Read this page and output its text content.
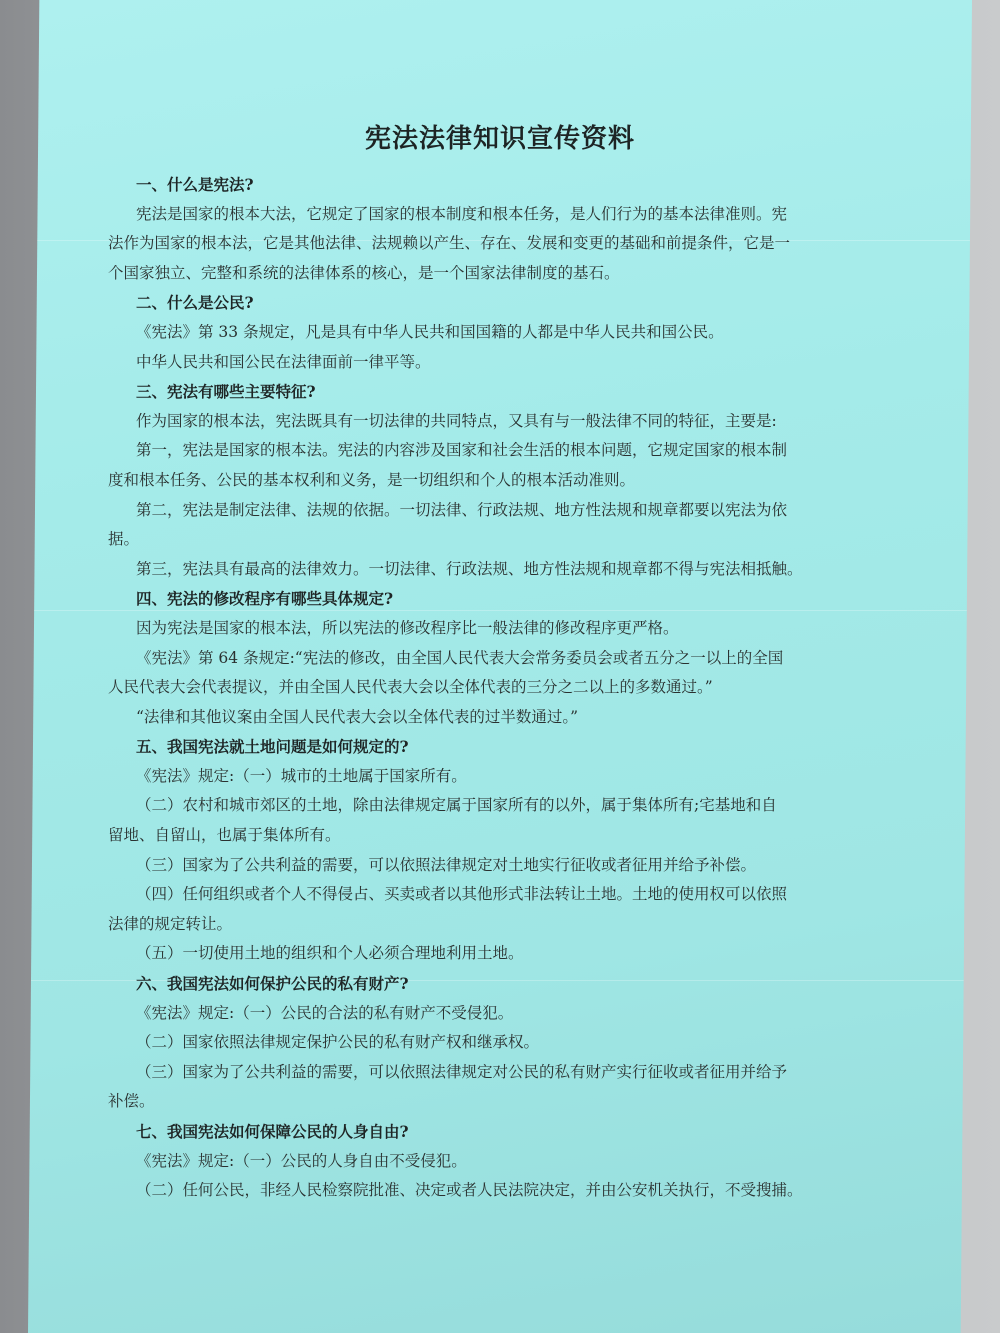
宪法法律知识宣传资料
一、什么是宪法?
宪法是国家的根本大法，它规定了国家的根本制度和根本任务，是人们行为的基本法律准则。宪
法作为国家的根本法，它是其他法律、法规赖以产生、存在、发展和变更的基础和前提条件，它是一
个国家独立、完整和系统的法律体系的核心，是一个国家法律制度的基石。
二、什么是公民?
《宪法》第 33 条规定，凡是具有中华人民共和国国籍的人都是中华人民共和国公民。
中华人民共和国公民在法律面前一律平等。
三、宪法有哪些主要特征?
作为国家的根本法，宪法既具有一切法律的共同特点，又具有与一般法律不同的特征，主要是:
第一，宪法是国家的根本法。宪法的内容涉及国家和社会生活的根本问题，它规定国家的根本制
度和根本任务、公民的基本权利和义务，是一切组织和个人的根本活动准则。
第二，宪法是制定法律、法规的依据。一切法律、行政法规、地方性法规和规章都要以宪法为依
据。
第三，宪法具有最高的法律效力。一切法律、行政法规、地方性法规和规章都不得与宪法相抵触。
四、宪法的修改程序有哪些具体规定?
因为宪法是国家的根本法，所以宪法的修改程序比一般法律的修改程序更严格。
《宪法》第 64 条规定:“宪法的修改，由全国人民代表大会常务委员会或者五分之一以上的全国
人民代表大会代表提议，并由全国人民代表大会以全体代表的三分之二以上的多数通过。”
“法律和其他议案由全国人民代表大会以全体代表的过半数通过。”
五、我国宪法就土地问题是如何规定的?
《宪法》规定:（一）城市的土地属于国家所有。
（二）农村和城市郊区的土地，除由法律规定属于国家所有的以外，属于集体所有;宅基地和自
留地、自留山，也属于集体所有。
（三）国家为了公共利益的需要，可以依照法律规定对土地实行征收或者征用并给予补偿。
（四）任何组织或者个人不得侵占、买卖或者以其他形式非法转让土地。土地的使用权可以依照
法律的规定转让。
（五）一切使用土地的组织和个人必须合理地利用土地。
六、我国宪法如何保护公民的私有财产?
《宪法》规定:（一）公民的合法的私有财产不受侵犯。
（二）国家依照法律规定保护公民的私有财产权和继承权。
（三）国家为了公共利益的需要，可以依照法律规定对公民的私有财产实行征收或者征用并给予
补偿。
七、我国宪法如何保障公民的人身自由?
《宪法》规定:（一）公民的人身自由不受侵犯。
（二）任何公民，非经人民检察院批准、决定或者人民法院决定，并由公安机关执行，不受搜捕。
